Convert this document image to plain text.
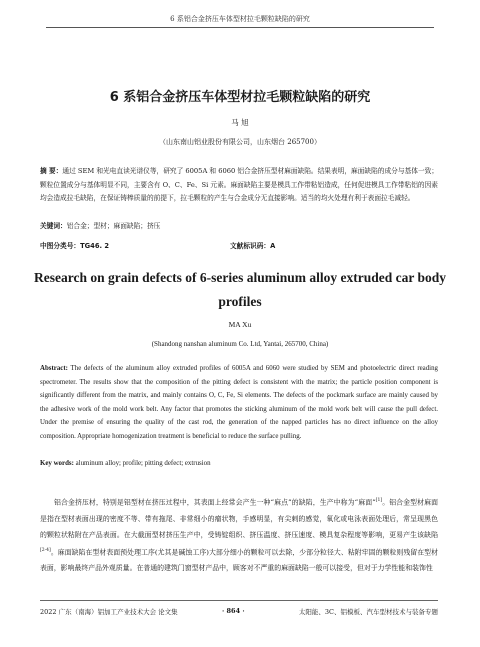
6 系铝合金挤压车体型材拉毛颗粒缺陷的研究
6 系铝合金挤压车体型材拉毛颗粒缺陷的研究
马 旭
（山东南山铝业股份有限公司，山东烟台 265700）

摘 要：通过 SEM 和光电直读光谱仪等，研究了 6005A 和 6060 铝合金挤压型材麻面缺陷。结果表明，麻面缺陷的成分与基体一致；颗粒位置成分与基体明显不同，主要含有 O、C、Fe、Si 元素。麻面缺陷主要是模具工作带粘铝造成，任何促进模具工作带粘铝的因素均会造成拉毛缺陷，在保证铸棒质量的前提下，拉毛颗粒的产生与合金成分无直接影响。适当的均火处理有利于表面拉毛减轻。

关键词：铝合金；型材；麻面缺陷；挤压

中图分类号：TG46. 2	文献标识码：A

Research on grain defects of 6-series aluminum alloy extruded car body profiles

MA Xu
(Shandong nanshan aluminum Co. Ltd, Yantai, 265700, China)

Abstract: The defects of the aluminum alloy extruded profiles of 6005A and 6060 were studied by SEM and photoelectric direct reading spectrometer. The results show that the composition of the pitting defect is consistent with the matrix; the particle position component is significantly different from the matrix, and mainly contains O, C, Fe, Si elements. The defects of the pockmark surface are mainly caused by the adhesive work of the mold work belt. Any factor that promotes the sticking aluminum of the mold work belt will cause the pull defect. Under the premise of ensuring the quality of the cast rod, the generation of the napped particles has no direct influence on the alloy composition. Appropriate homogenization treatment is beneficial to reduce the surface pulling.

Key words: aluminum alloy; profile; pitting defect; extrusion

铝合金挤压材，特别是铝型材在挤压过程中，其表面上经常会产生一种“麻点”的缺陷，生产中称为“麻面”[1]。铝合金型材麻面是指在型材表面出现的密度不等、带有拖尾、非常细小的瘤状物，手感明显，有尖刺的感觉，氧化或电泳表面处理后，常呈现黑色的颗粒状粘附在产品表面。在大截面型材挤压生产中，受铸锭组织、挤压温度、挤压速度、模具复杂程度等影响，更易产生该缺陷[2-4]。麻面缺陷在型材表面预处理工序(尤其是碱蚀工序)大部分细小的颗粒可以去除，少部分粒径大、粘附牢固的颗粒则残留在型材表面，影响最终产品外观质量。在普通的建筑门窗型材产品中，顾客对不严重的麻面缺陷一般可以接受，但对于力学性能和装饰性

2022 广东（南海）铝加工产业技术大会 论文集	· 864 ·	太阳能、3C、铝模板、汽车型材技术与装备专题
